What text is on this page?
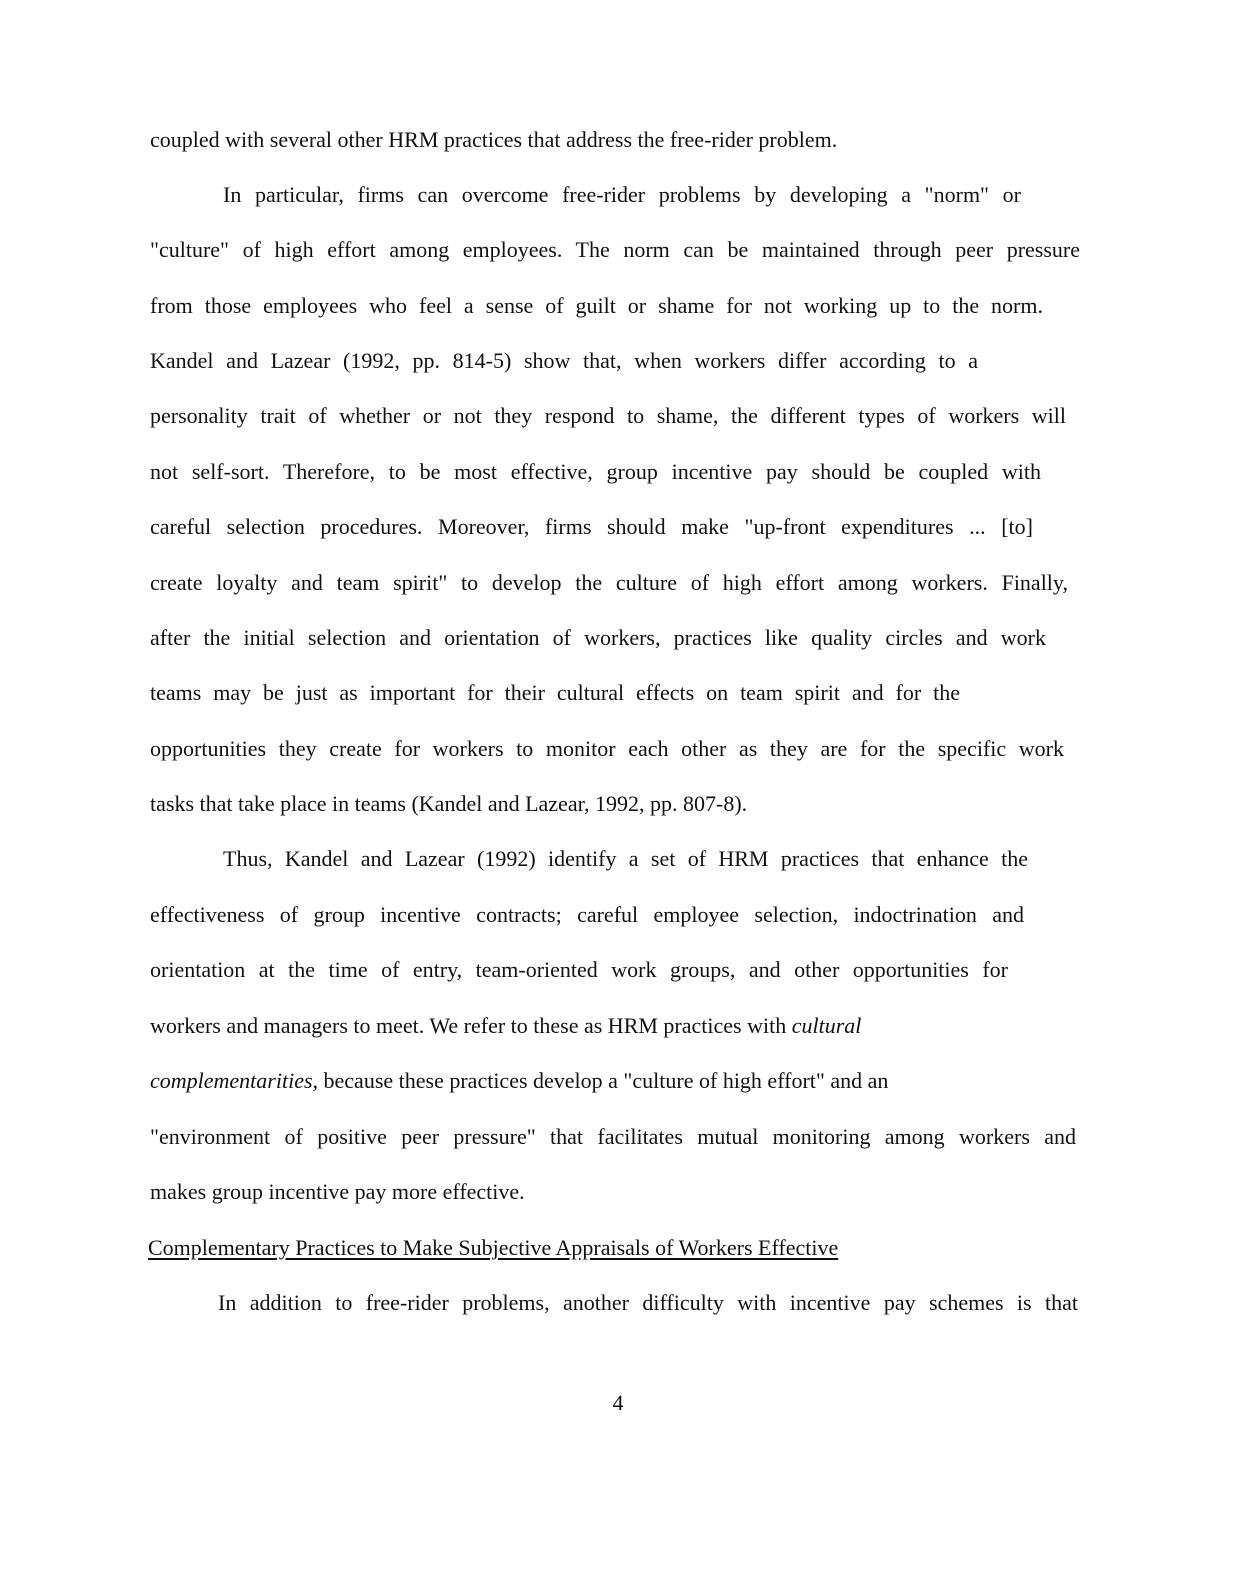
coupled with several other HRM practices that address the free-rider problem.

In particular, firms can overcome free-rider problems by developing a "norm" or

"culture" of high effort among employees. The norm can be maintained through peer pressure

from those employees who feel a sense of guilt or shame for not working up to the norm.

Kandel and Lazear (1992, pp. 814-5) show that, when workers differ according to a

personality trait of whether or not they respond to shame, the different types of workers will

not self-sort. Therefore, to be most effective, group incentive pay should be coupled with

careful selection procedures. Moreover, firms should make "up-front expenditures ... [to]

create loyalty and team spirit" to develop the culture of high effort among workers. Finally,

after the initial selection and orientation of workers, practices like quality circles and work

teams may be just as important for their cultural effects on team spirit and for the

opportunities they create for workers to monitor each other as they are for the specific work

tasks that take place in teams (Kandel and Lazear, 1992, pp. 807-8).

Thus, Kandel and Lazear (1992) identify a set of HRM practices that enhance the

effectiveness of group incentive contracts; careful employee selection, indoctrination and

orientation at the time of entry, team-oriented work groups, and other opportunities for

workers and managers to meet. We refer to these as HRM practices with cultural

complementarities, because these practices develop a "culture of high effort" and an

"environment of positive peer pressure" that facilitates mutual monitoring among workers and

makes group incentive pay more effective.

Complementary Practices to Make Subjective Appraisals of Workers Effective

In addition to free-rider problems, another difficulty with incentive pay schemes is that

4
